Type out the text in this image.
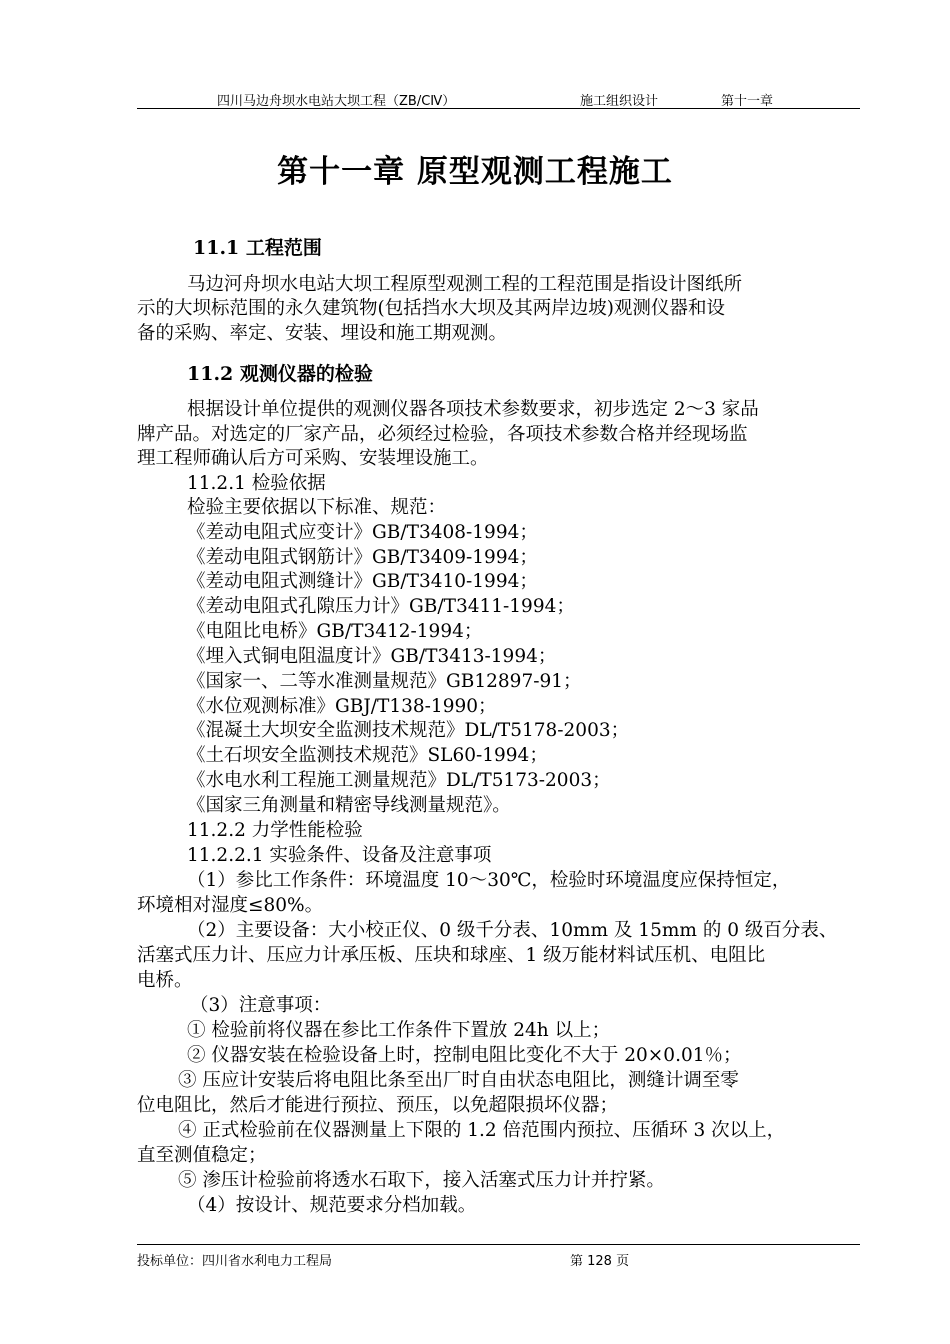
四川马边舟坝水电站大坝工程（ZB/CⅣ）	施工组织设计	第十一章
第十一章 原型观测工程施工
11.1 工程范围
马边河舟坝水电站大坝工程原型观测工程的工程范围是指设计图纸所
示的大坝标范围的永久建筑物(包括挡水大坝及其两岸边坡)观测仪器和设
备的采购、率定、安装、埋设和施工期观测。
11.2 观测仪器的检验
根据设计单位提供的观测仪器各项技术参数要求，初步选定 2～3 家品
牌产品。对选定的厂家产品，必须经过检验，各项技术参数合格并经现场监
理工程师确认后方可采购、安装埋设施工。
11.2.1 检验依据
检验主要依据以下标准、规范：
《差动电阻式应变计》GB/T3408-1994；
《差动电阻式钢筋计》GB/T3409-1994；
《差动电阻式测缝计》GB/T3410-1994；
《差动电阻式孔隙压力计》GB/T3411-1994；
《电阻比电桥》GB/T3412-1994；
《埋入式铜电阻温度计》GB/T3413-1994；
《国家一、二等水准测量规范》GB12897-91；
《水位观测标准》GBJ/T138-1990；
《混凝土大坝安全监测技术规范》DL/T5178-2003；
《土石坝安全监测技术规范》SL60-1994；
《水电水利工程施工测量规范》DL/T5173-2003；
《国家三角测量和精密导线测量规范》。
11.2.2 力学性能检验
11.2.2.1 实验条件、设备及注意事项
（1）参比工作条件：环境温度 10～30℃，检验时环境温度应保持恒定，
环境相对湿度≤80%。
（2）主要设备：大小校正仪、0 级千分表、10mm 及 15mm 的 0 级百分表、
活塞式压力计、压应力计承压板、压块和球座、1 级万能材料试压机、电阻比
电桥。
（3）注意事项：
① 检验前将仪器在参比工作条件下置放 24h 以上；
② 仪器安装在检验设备上时，控制电阻比变化不大于 20×0.01％；
③ 压应计安装后将电阻比条至出厂时自由状态电阻比，测缝计调至零
位电阻比，然后才能进行预拉、预压，以免超限损坏仪器；
④ 正式检验前在仪器测量上下限的 1.2 倍范围内预拉、压循环 3 次以上，
直至测值稳定；
⑤ 渗压计检验前将透水石取下，接入活塞式压力计并拧紧。
（4）按设计、规范要求分档加载。
投标单位：四川省水利电力工程局	第 128 页
